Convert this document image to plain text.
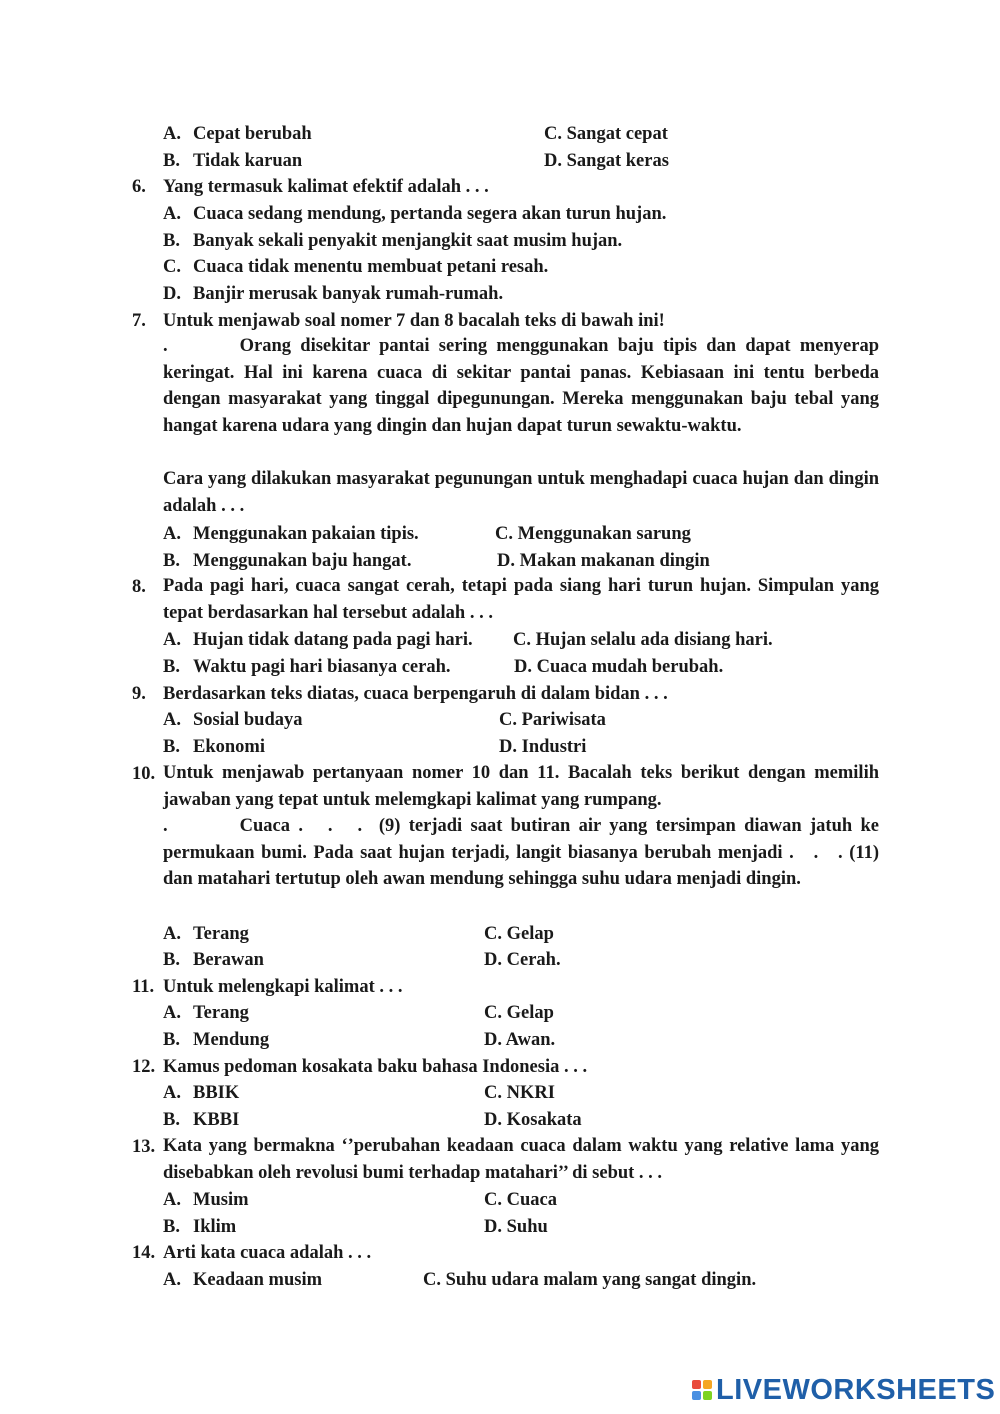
A. Cepat berubah	C. Sangat cepat
B. Tidak karuan	D. Sangat keras
6. Yang termasuk kalimat efektif adalah . . .
A. Cuaca sedang mendung, pertanda segera akan turun hujan.
B. Banyak sekali penyakit menjangkit saat musim hujan.
C. Cuaca tidak menentu membuat petani resah.
D. Banjir merusak banyak rumah-rumah.
7. Untuk menjawab soal nomer 7 dan 8 bacalah teks di bawah ini!
.	Orang disekitar pantai sering menggunakan baju tipis dan dapat menyerap keringat. Hal ini karena cuaca di sekitar pantai panas. Kebiasaan ini tentu berbeda dengan masyarakat yang tinggal dipegunungan. Mereka menggunakan baju tebal yang hangat karena udara yang dingin dan hujan dapat turun sewaktu-waktu.
Cara yang dilakukan masyarakat pegunungan untuk menghadapi cuaca hujan dan dingin adalah . . .
A. Menggunakan pakaian tipis.	C. Menggunakan sarung
B. Menggunakan baju hangat.	D. Makan makanan dingin
8. Pada pagi hari, cuaca sangat cerah, tetapi pada siang hari turun hujan. Simpulan yang tepat berdasarkan hal tersebut adalah . . .
A. Hujan tidak datang pada pagi hari. C. Hujan selalu ada disiang hari.
B. Waktu pagi hari biasanya cerah.	D. Cuaca mudah berubah.
9. Berdasarkan teks diatas, cuaca berpengaruh di dalam bidan . . .
A. Sosial budaya	C. Pariwisata
B. Ekonomi	D. Industri
10. Untuk menjawab pertanyaan nomer 10 dan 11. Bacalah teks berikut dengan memilih jawaban yang tepat untuk melemgkapi kalimat yang rumpang.
.	Cuaca .   .   .  (9) terjadi saat butiran air yang tersimpan diawan jatuh ke permukaan bumi. Pada saat hujan terjadi, langit biasanya berubah menjadi .   .   . (11) dan matahari tertutup oleh awan mendung sehingga suhu udara menjadi dingin.
A. Terang	C. Gelap
B. Berawan	D. Cerah.
11. Untuk melengkapi kalimat . . .
A. Terang	C. Gelap
B. Mendung	D. Awan.
12. Kamus pedoman kosakata baku bahasa Indonesia . . .
A. BBIK	C. NKRI
B. KBBI	D. Kosakata
13. Kata yang bermakna ‘’perubahan keadaan cuaca dalam waktu yang relative lama yang disebabkan oleh revolusi bumi terhadap matahari’’ di sebut . . .
A. Musim	C. Cuaca
B. Iklim	D. Suhu
14. Arti kata cuaca adalah . . .
A. Keadaan musim	C. Suhu udara malam yang sangat dingin.
LIVEWORKSHEETS
